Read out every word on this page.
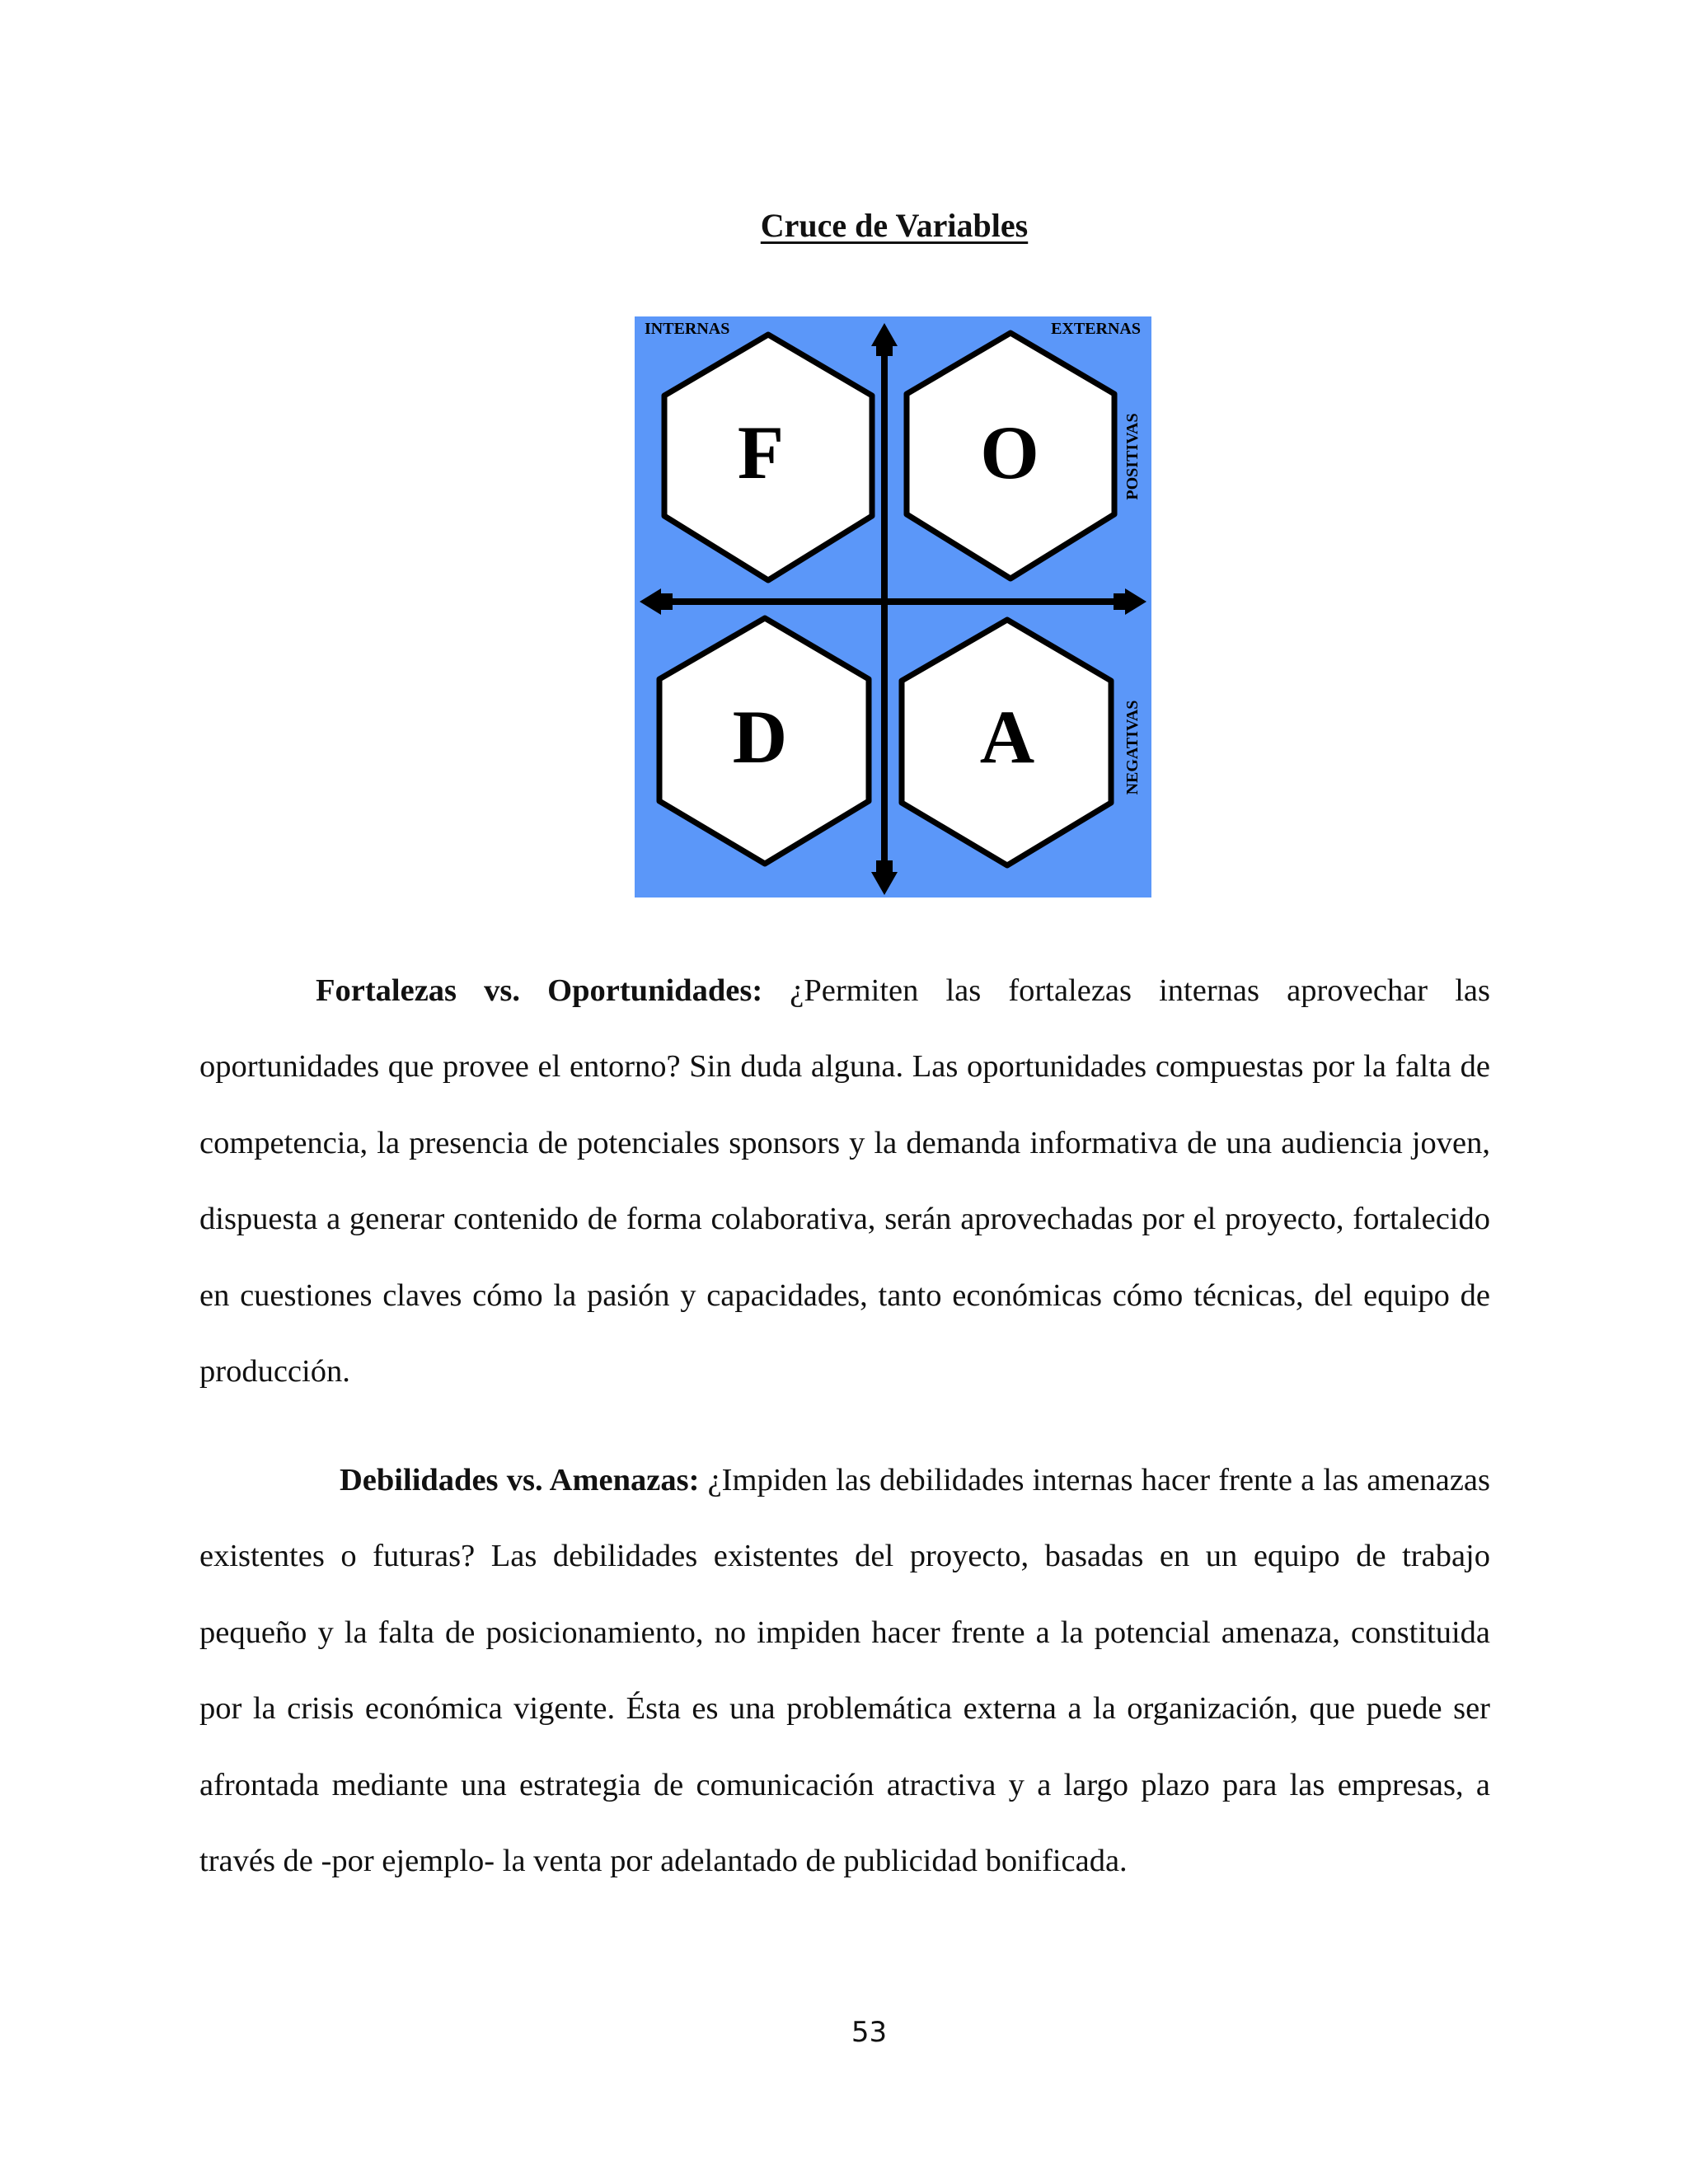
Cruce de Variables
F	O
D	A
INTERNAS	EXTERNAS
POSITIVAS
NEGATIVAS

Fortalezas vs. Oportunidades: ¿Permiten las fortalezas internas aprovechar las oportunidades que provee el entorno? Sin duda alguna. Las oportunidades compuestas por la falta de competencia, la presencia de potenciales sponsors y la demanda informativa de una audiencia joven, dispuesta a generar contenido de forma colaborativa, serán aprovechadas por el proyecto, fortalecido en cuestiones claves cómo la pasión y capacidades, tanto económicas cómo técnicas, del equipo de producción.

Debilidades vs. Amenazas: ¿Impiden las debilidades internas hacer frente a las amenazas existentes o futuras? Las debilidades existentes del proyecto, basadas en un equipo de trabajo pequeño y la falta de posicionamiento, no impiden hacer frente a la potencial amenaza, constituida por la crisis económica vigente. Ésta es una problemática externa a la organización, que puede ser afrontada mediante una estrategia de comunicación atractiva y a largo plazo para las empresas, a través de -por ejemplo- la venta por adelantado de publicidad bonificada.

53
